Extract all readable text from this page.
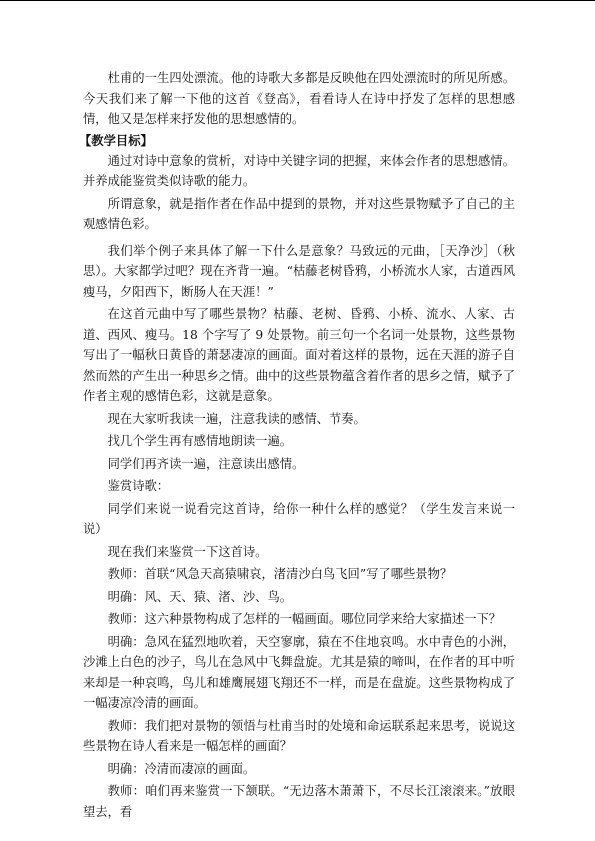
杜甫的一生四处漂流。他的诗歌大多都是反映他在四处漂流时的所见所感。今天我们来了解一下他的这首《登高》，看看诗人在诗中抒发了怎样的思想感情，他又是怎样来抒发他的思想感情的。

【教学目标】

通过对诗中意象的赏析，对诗中关键字词的把握，来体会作者的思想感情。并养成能鉴赏类似诗歌的能力。

所谓意象，就是指作者在作品中提到的景物，并对这些景物赋予了自己的主观感情色彩。

我们举个例子来具体了解一下什么是意象？马致远的元曲，［天净沙］（秋思）。大家都学过吧？现在齐背一遍。“枯藤老树昏鸦，小桥流水人家，古道西风瘦马，夕阳西下，断肠人在天涯！”

在这首元曲中写了哪些景物？枯藤、老树、昏鸦、小桥、流水、人家、古道、西风、瘦马。18 个字写了 9 处景物。前三句一个名词一处景物，这些景物写出了一幅秋日黄昏的萧瑟凄凉的画面。面对着这样的景物，远在天涯的游子自然而然的产生出一种思乡之情。曲中的这些景物蕴含着作者的思乡之情，赋予了作者主观的感情色彩，这就是意象。

现在大家听我读一遍，注意我读的感情、节奏。

找几个学生再有感情地朗读一遍。

同学们再齐读一遍，注意读出感情。

鉴赏诗歌：

同学们来说一说看完这首诗，给你一种什么样的感觉？（学生发言来说一说）

现在我们来鉴赏一下这首诗。

教师：首联“风急天高猿啸哀，渚清沙白鸟飞回”写了哪些景物？

明确：风、天、猿、渚、沙、鸟。

教师：这六种景物构成了怎样的一幅画面。哪位同学来给大家描述一下？

明确：急风在猛烈地吹着，天空寥廓，猿在不住地哀鸣。水中青色的小洲，沙滩上白色的沙子，鸟儿在急风中飞舞盘旋。尤其是猿的啼叫，在作者的耳中听来却是一种哀鸣，鸟儿和雄鹰展翅飞翔还不一样，而是在盘旋。这些景物构成了一幅凄凉冷清的画面。

教师：我们把对景物的领悟与杜甫当时的处境和命运联系起来思考，说说这些景物在诗人看来是一幅怎样的画面？

明确：冷清而凄凉的画面。

教师：咱们再来鉴赏一下颔联。“无边落木萧萧下，不尽长江滚滚来。”放眼望去，看
